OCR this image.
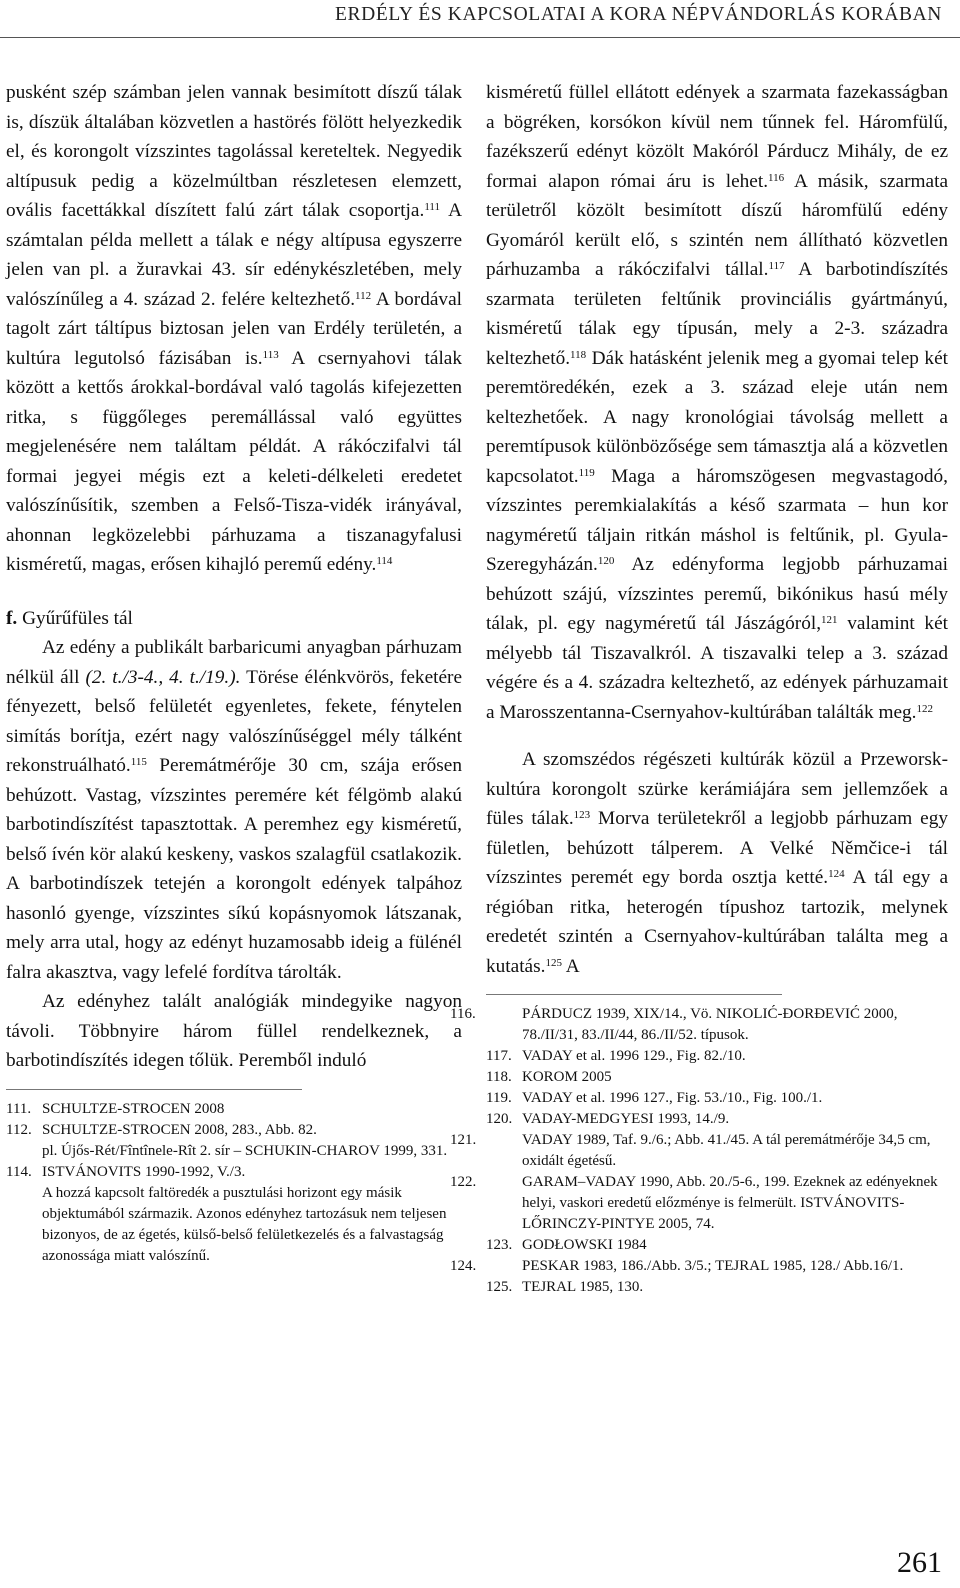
ERDÉLY ÉS KAPCSOLATAI A KORA NÉPVÁNDORLÁS KORÁBAN

pusként szép számban jelen vannak besimított díszű tálak is, díszük általában közvetlen a hastörés fölött helyezkedik el, és korongolt vízszintes tagolással kereteltek. Negyedik altípusuk pedig a közelmúltban részletesen elemzett, ovális facettákkal díszített falú zárt tálak csoportja.$^{111}$ A számtalan példa mellett a tálak e négy altípusa egyszerre jelen van pl. a žuravkai 43. sír edénykészletében, mely valószínűleg a 4. század 2. felére keltezhető.$^{112}$ A bordával tagolt zárt táltípus biztosan jelen van Erdély területén, a kultúra legutolsó fázisában is.$^{113}$ A csernyahovi tálak között a kettős árokkal-bordával való tagolás kifejezetten ritka, s függőleges peremállással való együttes megjelenésére nem találtam példát. A rákóczifalvi tál formai jegyei mégis ezt a keleti-délkeleti eredetet valószínűsítik, szemben a Felső-Tisza-vidék irányával, ahonnan legközelebbi párhuzama a tiszanagyfalusi kisméretű, magas, erősen kihajló peremű edény.$^{114}$

f. Gyűrűfüles tál

Az edény a publikált barbaricumi anyagban párhuzam nélkül áll (2. t./3-4., 4. t./19.). Törése élénkvörös, feketére fényezett, belső felületét egyenletes, fekete, fénytelen simítás borítja, ezért nagy valószínűséggel mély tálként rekonstruálható.$^{115}$ Peremátmérője 30 cm, szája erősen behúzott. Vastag, vízszintes peremére két félgömb alakú barbotindíszítést tapasztottak. A peremhez egy kisméretű, belső ívén kör alakú keskeny, vaskos szalagfül csatlakozik. A barbotindíszek tetején a korongolt edények talpához hasonló gyenge, vízszintes síkú kopásnyomok látszanak, mely arra utal, hogy az edényt huzamosabb ideig a fülénél falra akasztva, vagy lefelé fordítva tárolták.

Az edényhez talált analógiák mindegyike nagyon távoli. Többnyire három füllel rendelkeznek, a barbotindíszítés idegen tőlük. Peremből induló

111. SCHULTZE-STROCEN 2008
112. SCHULTZE-STROCEN 2008, 283., Abb. 82.
pl. Újős-Rét/Fîntînele-Rît 2. sír – SCHUKIN-CHAROV 1999, 331.
114. ISTVÁNOVITS 1990-1992, V./3.
A hozzá kapcsolt faltöredék a pusztulási horizont egy másik objektumából származik. Azonos edényhez tartozásuk nem teljesen bizonyos, de az égetés, külső-belső felületkezelés és a falvastagság azonossága miatt valószínű.

kisméretű füllel ellátott edények a szarmata fazekasságban a bögréken, korsókon kívül nem tűnnek fel. Háromfülű, fazékszerű edényt közölt Makóról Párducz Mihály, de ez formai alapon római áru is lehet.$^{116}$ A másik, szarmata területről közölt besimított díszű háromfülű edény Gyomáról került elő, s szintén nem állítható közvetlen párhuzamba a rákóczifalvi tállal.$^{117}$ A barbotindíszítés szarmata területen feltűnik provinciális gyártmányú, kisméretű tálak egy típusán, mely a 2-3. századra keltezhető.$^{118}$ Dák hatásként jelenik meg a gyomai telep két peremtöredékén, ezek a 3. század eleje után nem keltezhetőek. A nagy kronológiai távolság mellett a peremtípusok különbözősége sem támasztja alá a közvetlen kapcsolatot.$^{119}$ Maga a háromszögesen megvastagodó, vízszintes peremkialakítás a késő szarmata – hun kor nagyméretű táljain ritkán máshol is feltűnik, pl. Gyula-Szeregyházán.$^{120}$ Az edényforma legjobb párhuzamai behúzott szájú, vízszintes peremű, bikónikus hasú mély tálak, pl. egy nagyméretű tál Jászágóról,$^{121}$ valamint két mélyebb tál Tiszavalkról. A tiszavalki telep a 3. század végére és a 4. századra keltezhető, az edények párhuzamait a Marosszentanna-Csernyahov-kultúrában találták meg.$^{122}$

A szomszédos régészeti kultúrák közül a Przeworsk-kultúra korongolt szürke kerámiájára sem jellemzőek a füles tálak.$^{123}$ Morva területekről a legjobb párhuzam egy fületlen, behúzott tálperem. A Velké Němčice-i tál vízszintes peremét egy borda osztja ketté.$^{124}$ A tál egy a régióban ritka, heterogén típushoz tartozik, melynek eredetét szintén a Csernyahov-kultúrában találta meg a kutatás.$^{125}$ A

116.	PÁRDUCZ 1939, XIX/14., Vö. NIKOLIĆ-ĐORĐEVIĆ 2000, 78./II/31, 83./II/44, 86./II/52. típusok.
117. VADAY et al. 1996 129., Fig. 82./10.
118. KOROM 2005
119. VADAY et al. 1996 127., Fig. 53./10., Fig. 100./1.
120. VADAY-MEDGYESI 1993, 14./9.
121.	VADAY 1989, Taf. 9./6.; Abb. 41./45. A tál peremátmérője 34,5 cm, oxidált égetésű.
122.	GARAM–VADAY 1990, Abb. 20./5-6., 199. Ezeknek az edényeknek helyi, vaskori eredetű előzménye is felmerült. ISTVÁNOVITS-LŐRINCZY-PINTYE 2005, 74.
123. GODŁOWSKI 1984
124.	PESKAR 1983, 186./Abb. 3/5.; TEJRAL 1985, 128./ Abb.16/1.
125. TEJRAL 1985, 130.
261
